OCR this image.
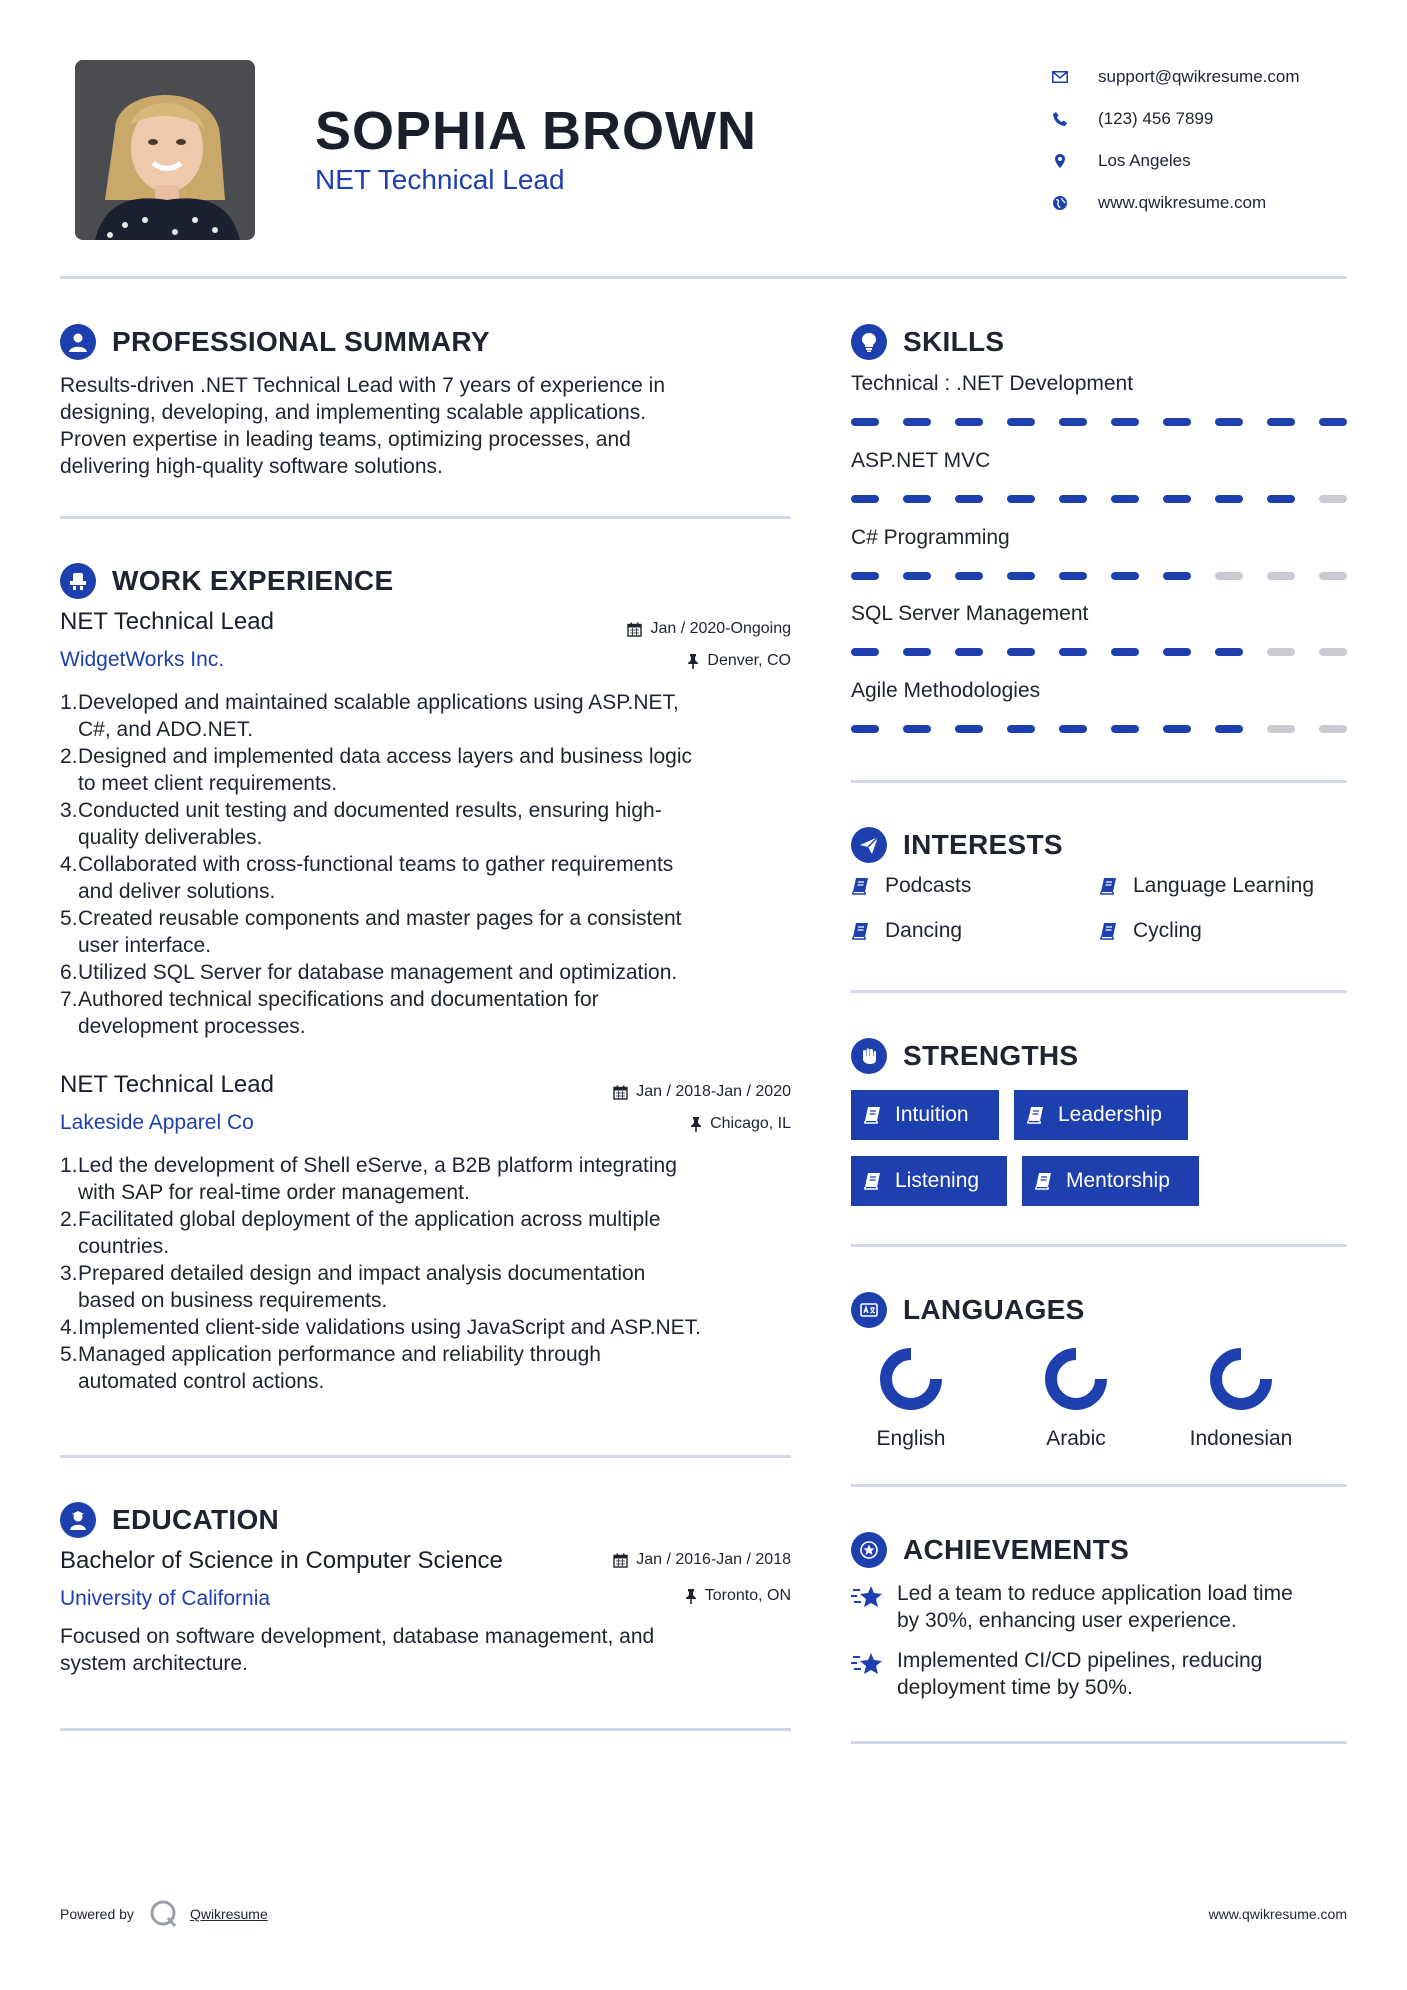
SOPHIA BROWN

NET Technical Lead

support@qwikresume.com
(123) 456 7899
Los Angeles
www.qwikresume.com
PROFESSIONAL SUMMARY
Results-driven .NET Technical Lead with 7 years of experience in
designing, developing, and implementing scalable applications.
Proven expertise in leading teams, optimizing processes, and
delivering high-quality software solutions.
WORK EXPERIENCE
NET Technical Lead	Jan / 2020-Ongoing
WidgetWorks Inc.	Denver, CO
Developed and maintained scalable applications using ASP.NET,
C#, and ADO.NET.
Designed and implemented data access layers and business logic
to meet client requirements.
Conducted unit testing and documented results, ensuring high-
quality deliverables.
Collaborated with cross-functional teams to gather requirements
and deliver solutions.
Created reusable components and master pages for a consistent
user interface.
Utilized SQL Server for database management and optimization.
Authored technical specifications and documentation for
development processes.
NET Technical Lead	Jan / 2018-Jan / 2020
Lakeside Apparel Co	Chicago, IL
Led the development of Shell eServe, a B2B platform integrating
with SAP for real-time order management.
Facilitated global deployment of the application across multiple
countries.
Prepared detailed design and impact analysis documentation
based on business requirements.
Implemented client-side validations using JavaScript and ASP.NET.
Managed application performance and reliability through
automated control actions.
EDUCATION
Bachelor of Science in Computer Science	Jan / 2016-Jan / 2018
University of California	Toronto, ON
Focused on software development, database management, and
system architecture.
SKILLS
Technical : .NET Development
ASP.NET MVC
C# Programming
SQL Server Management
Agile Methodologies
INTERESTS
Podcasts	Language Learning
Dancing	Cycling
STRENGTHS
Intuition	Leadership
Listening	Mentorship
LANGUAGES
English	Arabic	Indonesian
ACHIEVEMENTS
Led a team to reduce application load time
by 30%, enhancing user experience.
Implemented CI/CD pipelines, reducing
deployment time by 50%.
Powered by	Qwikresume	www.qwikresume.com
